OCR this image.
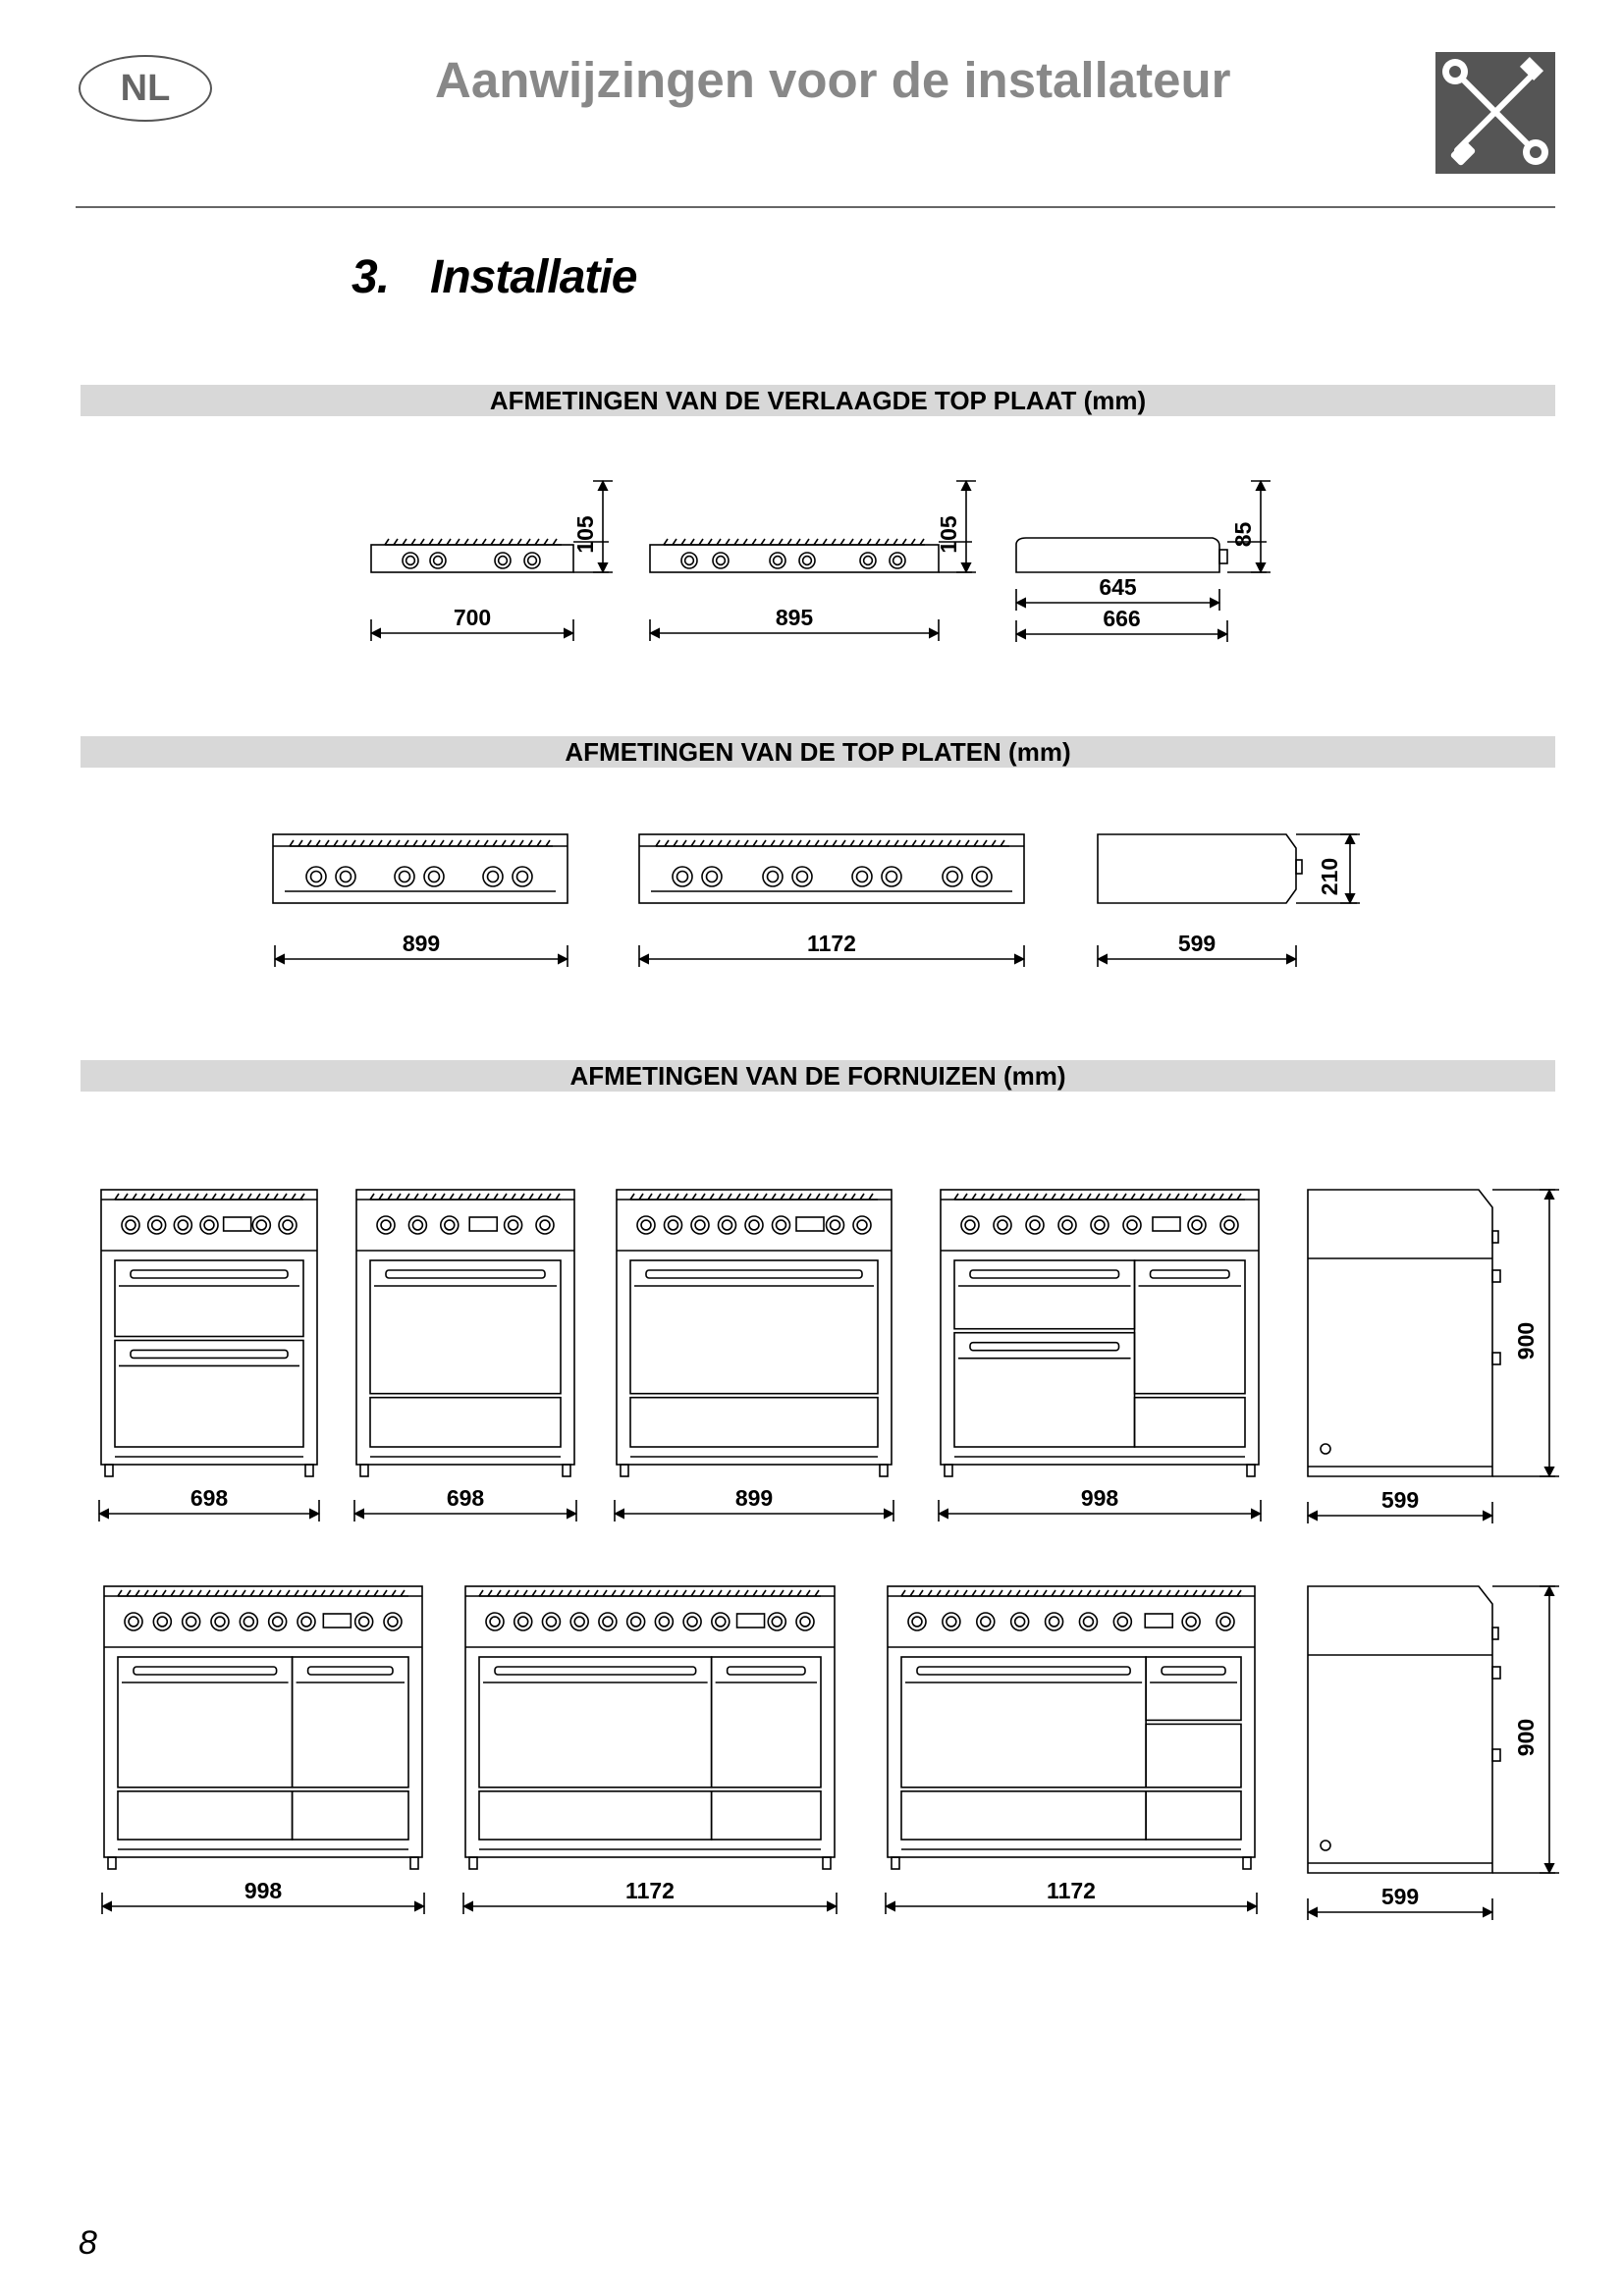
NL	Aanwijzingen voor de installateur
3. Installatie
AFMETINGEN VAN DE VERLAAGDE TOP PLAAT (mm)
AFMETINGEN VAN DE TOP PLATEN (mm)
AFMETINGEN VAN DE FORNUIZEN (mm)
700
105
895
105
645
666
85
899	1172	599
210
698	698	899	998	599
900
998	1172	1172	599
900
8
